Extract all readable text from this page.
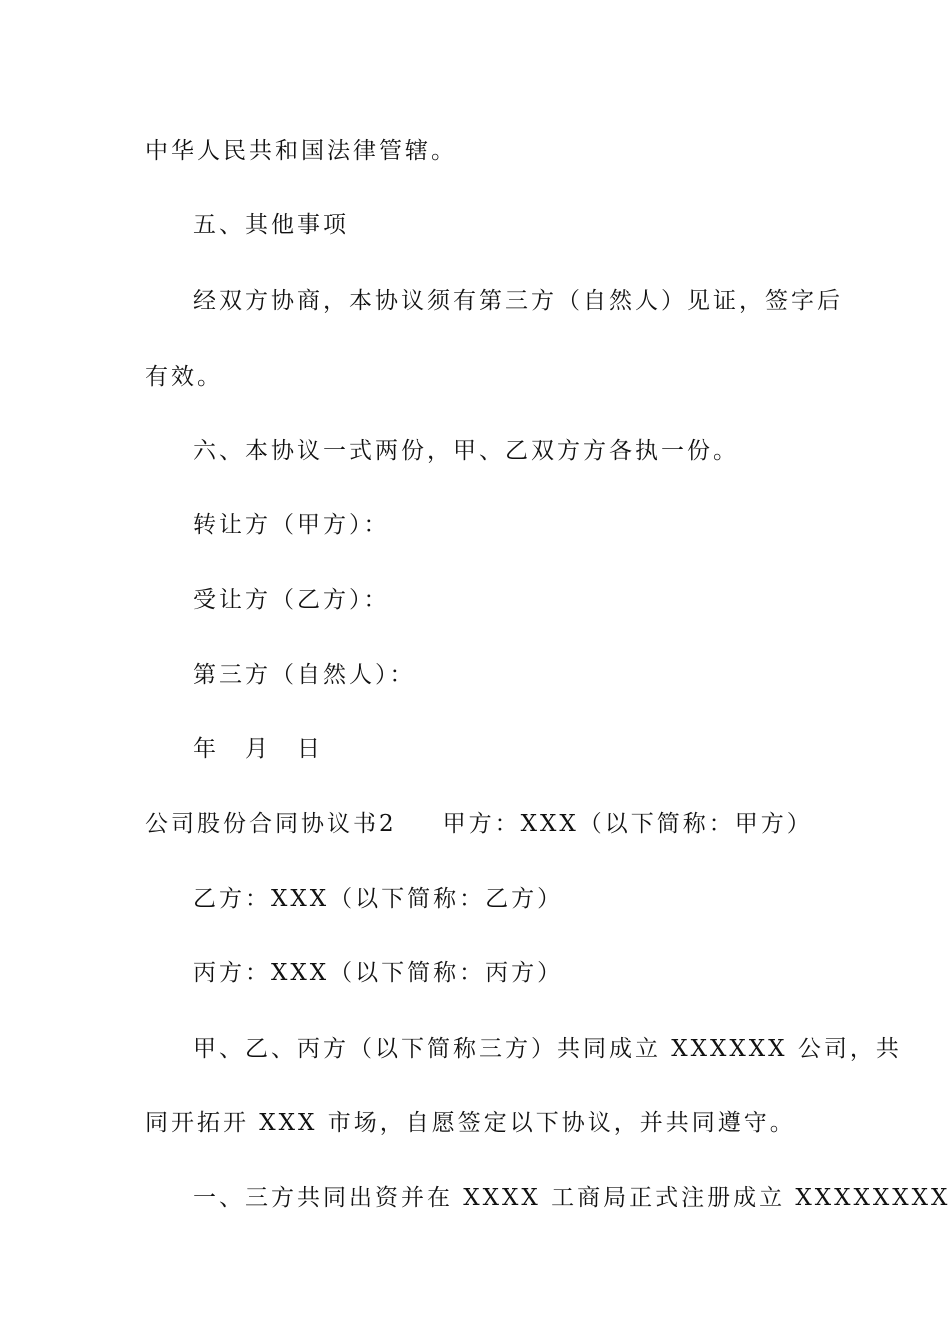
中华人民共和国法律管辖。
五、其他事项
经双方协商，本协议须有第三方（自然人）见证，签字后
有效。
六、本协议一式两份，甲、乙双方方各执一份。
转让方（甲方）：
受让方（乙方）：
第三方（自然人）：
年　月　日
公司股份合同协议书2 甲方：XXX（以下简称：甲方）
乙方：XXX（以下简称：乙方）
丙方：XXX（以下简称：丙方）
甲、乙、丙方（以下简称三方）共同成立 XXXXXX 公司，共
同开拓开 XXX 市场，自愿签定以下协议，并共同遵守。
一、三方共同出资并在 XXXX 工商局正式注册成立 XXXXXXXX
